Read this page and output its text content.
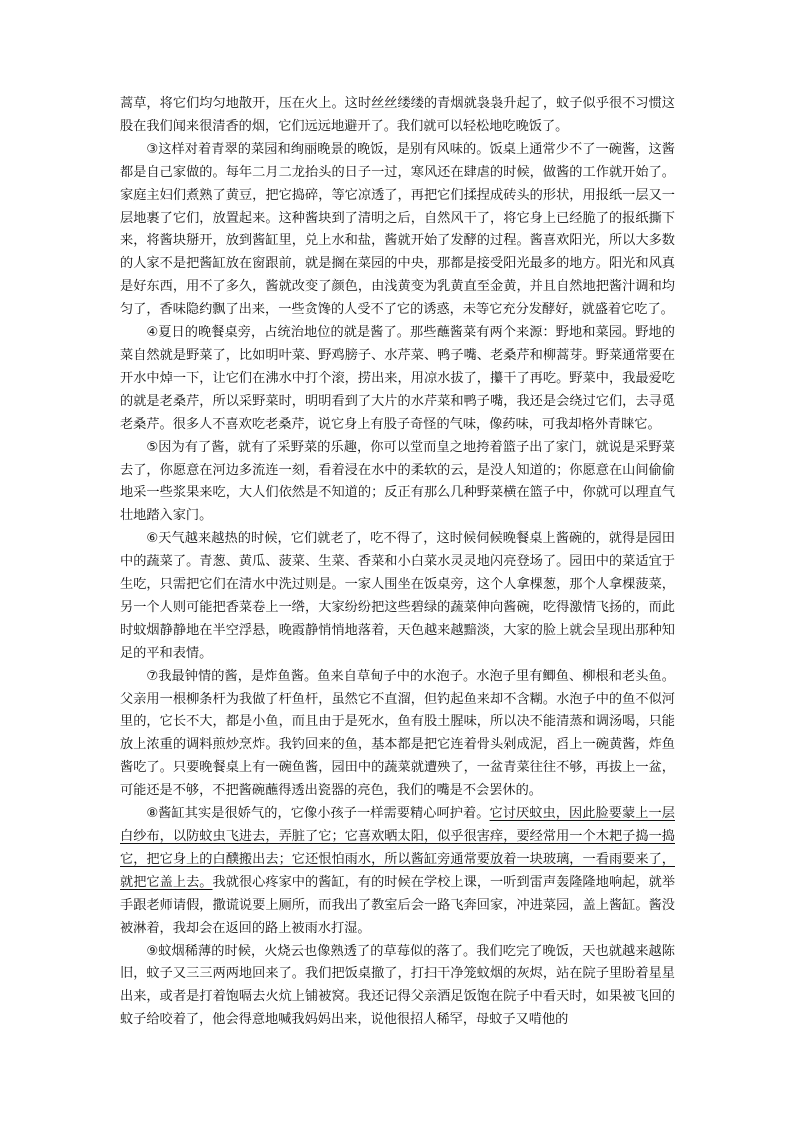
蒿草，将它们均匀地散开，压在火上。这时丝丝缕缕的青烟就袅袅升起了，蚊子似乎很不习惯这股在我们闻来很清香的烟，它们远远地避开了。我们就可以轻松地吃晚饭了。

③这样对着青翠的菜园和绚丽晚景的晚饭，是别有风味的。饭桌上通常少不了一碗酱，这酱都是自己家做的。每年二月二龙抬头的日子一过，寒风还在肆虐的时候，做酱的工作就开始了。家庭主妇们煮熟了黄豆，把它捣碎，等它凉透了，再把它们揉捏成砖头的形状，用报纸一层又一层地裹了它们，放置起来。这种酱块到了清明之后，自然风干了，将它身上已经脆了的报纸撕下来，将酱块掰开，放到酱缸里，兑上水和盐，酱就开始了发酵的过程。酱喜欢阳光，所以大多数的人家不是把酱缸放在窗跟前，就是搁在菜园的中央，那都是接受阳光最多的地方。阳光和风真是好东西，用不了多久，酱就改变了颜色，由浅黄变为乳黄直至金黄，并且自然地把酱汁调和均匀了，香味隐约飘了出来，一些贪馋的人受不了它的诱惑，未等它充分发酵好，就盛着它吃了。

④夏日的晚餐桌旁，占统治地位的就是酱了。那些蘸酱菜有两个来源：野地和菜园。野地的菜自然就是野菜了，比如明叶菜、野鸡膀子、水芹菜、鸭子嘴、老桑芹和柳蒿芽。野菜通常要在开水中焯一下，让它们在沸水中打个滚，捞出来，用凉水拔了，攥干了再吃。野菜中，我最爱吃的就是老桑芹，所以采野菜时，明明看到了大片的水芹菜和鸭子嘴，我还是会绕过它们，去寻觅老桑芹。很多人不喜欢吃老桑芹，说它身上有股子奇怪的气味，像药味，可我却格外青睐它。

⑤因为有了酱，就有了采野菜的乐趣，你可以堂而皇之地挎着篮子出了家门，就说是采野菜去了，你愿意在河边多流连一刻，看着浸在水中的柔软的云，是没人知道的；你愿意在山间偷偷地采一些浆果来吃，大人们依然是不知道的；反正有那么几种野菜横在篮子中，你就可以理直气壮地踏入家门。

⑥天气越来越热的时候，它们就老了，吃不得了，这时候伺候晚餐桌上酱碗的，就得是园田中的蔬菜了。青葱、黄瓜、菠菜、生菜、香菜和小白菜水灵灵地闪亮登场了。园田中的菜适宜于生吃，只需把它们在清水中洗过则是。一家人围坐在饭桌旁，这个人拿棵葱，那个人拿棵菠菜，另一个人则可能把香菜卷上一绺，大家纷纷把这些碧绿的蔬菜伸向酱碗，吃得激情飞扬的，而此时蚊烟静静地在半空浮悬，晚霞静悄悄地落着，天色越来越黯淡，大家的脸上就会呈现出那种知足的平和表情。

⑦我最钟情的酱，是炸鱼酱。鱼来自草甸子中的水泡子。水泡子里有鲫鱼、柳根和老头鱼。父亲用一根柳条杆为我做了杆鱼杆，虽然它不直溜，但钓起鱼来却不含糊。水泡子中的鱼不似河里的，它长不大，都是小鱼，而且由于是死水，鱼有股土腥味，所以决不能清蒸和调汤喝，只能放上浓重的调料煎炒烹炸。我钓回来的鱼，基本都是把它连着骨头剁成泥，舀上一碗黄酱，炸鱼酱吃了。只要晚餐桌上有一碗鱼酱，园田中的蔬菜就遭殃了，一盆青菜往往不够，再拔上一盆，可能还是不够，不把酱碗蘸得透出瓷器的亮色，我们的嘴是不会罢休的。

⑧酱缸其实是很娇气的，它像小孩子一样需要精心呵护着。它讨厌蚊虫，因此脸要蒙上一层白纱布，以防蚊虫飞进去，弄脏了它；它喜欢晒太阳，似乎很害痒，要经常用一个木耙子捣一捣它，把它身上的白醭搬出去；它还恨怕雨水，所以酱缸旁通常要放着一块玻璃，一看雨要来了，就把它盖上去。我就很心疼家中的酱缸，有的时候在学校上课，一听到雷声轰隆隆地响起，就举手跟老师请假，撒谎说要上厕所，而我出了教室后会一路飞奔回家，冲进菜园，盖上酱缸。酱没被淋着，我却会在返回的路上被雨水打湿。

⑨蚊烟稀薄的时候，火烧云也像熟透了的草莓似的落了。我们吃完了晚饭，天也就越来越陈旧，蚊子又三三两两地回来了。我们把饭桌撤了，打扫干净笼蚊烟的灰烬，站在院子里盼着星星出来，或者是打着饱嗝去火炕上铺被窝。我还记得父亲酒足饭饱在院子中看天时，如果被飞回的蚊子给咬着了，他会得意地喊我妈妈出来，说他很招人稀罕，母蚊子又啃他的
